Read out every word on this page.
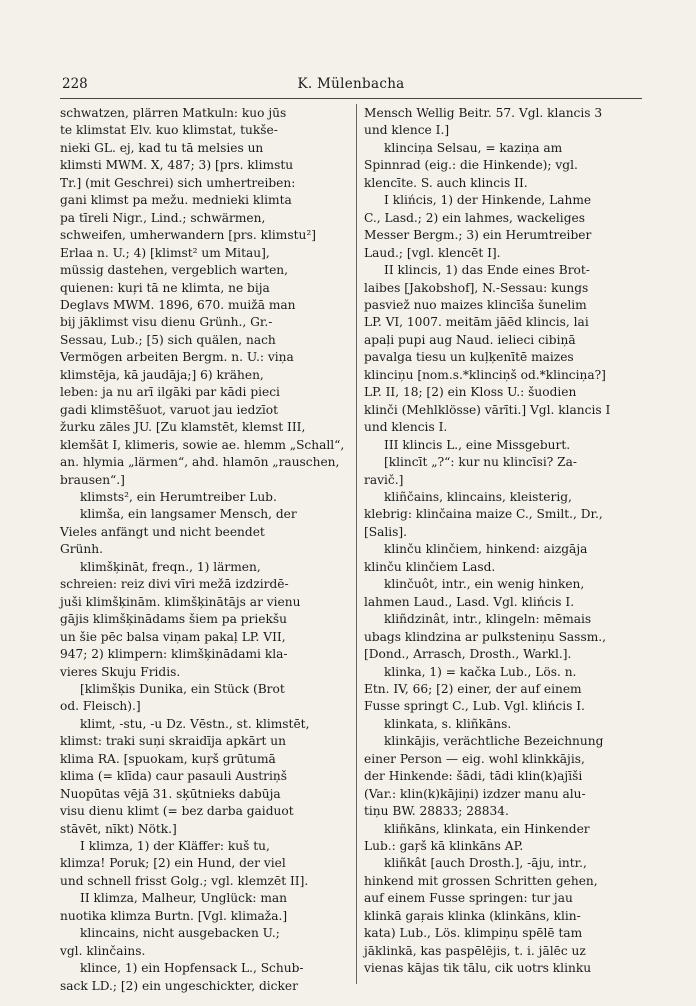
228	K. Mülenbacha

schwatzen, plärren Matkuln: kuo jūs
te klimstat Elv. kuo klimstat, tukše-
nieki GL. ej, kad tu tā melsies un
klimsti MWM. X, 487; 3) [prs. klimstu
Tr.] (mit Geschrei) sich umhertreiben:
gani klimst pa mežu. mednieki klimta
pa tīreli Nigr., Lind.; schwärmen,
schweifen, umherwandern [prs. klimstu²]
Erlaa n. U.; 4) [klimst² um Mitau],
müssig dastehen, vergeblich warten,
quienen: kuŗi tā ne klimta, ne bija
Deglavs MWM. 1896, 670. muižā man
bij jāklimst visu dienu Grünh., Gr.-
Sessau, Lub.; [5) sich quälen, nach
Vermögen arbeiten Bergm. n. U.: viņa
klimstēja, kā jaudāja;] 6) krähen,
leben: ja nu arī ilgāki par kādi pieci
gadi klimstēšuot, varuot jau iedzīot
žurku zāles JU. [Zu klamstēt, klemst III,
klemšāt I, klimeris, sowie ae. hlemm „Schall“,
an. hlymia „lärmen“, ahd. hlamōn „rauschen,
brausen“.]

klimsts², ein Herumtreiber Lub.

klimša, ein langsamer Mensch, der
Vieles anfängt und nicht beendet
Grünh.

klimšķināt, freqn., 1) lärmen,
schreien: reiz divi vīri mežā izdzirdē-
juši klimšķinām. klimšķinātājs ar vienu
gājis klimšķinādams šiem pa priekšu
un šie pēc balsa viņam pakaļ LP. VII,
947; 2) klimpern: klimšķinādami kla-
vieres Skuju Fridis.

[klimšķis Dunika, ein Stück (Brot
od. Fleisch).]

klimt, -stu, -u Dz. Vēstn., st. klimstēt,
klimst: traki suņi skraidīja apkārt un
klima RA. [spuokam, kuŗš grūtumā
klima (= klīda) caur pasauli Austriņš
Nuopūtas vējā 31. sķūtnieks dabūja
visu dienu klimt (= bez darba gaiduot
stāvēt, nīkt) Nötk.]

I klimza, 1) der Kläffer: kuš tu,
klimza! Poruk; [2) ein Hund, der viel
und schnell frisst Golg.; vgl. klemzēt II].

II klimza, Malheur, Unglück: man
nuotika klimza Burtn. [Vgl. klimaža.]

klincains, nicht ausgebacken U.;
vgl. klinčains.

klince, 1) ein Hopfensack L., Schub-
sack LD.; [2) ein ungeschickter, dicker

Mensch Wellig Beitr. 57. Vgl. klancis 3
und klence I.]

klinciņa Selsau, = kaziņa am
Spinnrad (eig.: die Hinkende); vgl.
klencīte. S. auch klincis II.

I klińcis, 1) der Hinkende, Lahme
C., Lasd.; 2) ein lahmes, wackeliges
Messer Bergm.; 3) ein Herumtreiber
Laud.; [vgl. klencēt I].

II klincis, 1) das Ende eines Brot-
laibes [Jakobshof], N.-Sessau: kungs
pasviež nuo maizes klincīša šunelim
LP. VI, 1007. meitām jāēd klincis, lai
apaļi pupi aug Naud. ielieci cibiņā
pavalga tiesu un kuļķenītē maizes
klinciņu [nom.s.*klinciņš od.*klinciņa?]
LP. II, 18; [2) ein Kloss U.: šuodien
klinči (Mehlklösse) vārīti.] Vgl. klancis I
und klencis I.

III klincis L., eine Missgeburt.

[klincīt „?“: kur nu klincīsi? Za-
ravič.]

kliñčains, klincains, kleisterig,
klebrig: klinčaina maize C., Smilt., Dr.,
[Salis].

klinču klinčiem, hinkend: aizgāja
klinču klinčiem Lasd.

klinčuôt, intr., ein wenig hinken,
lahmen Laud., Lasd. Vgl. klińcis I.

kliñdzinât, intr., klingeln: mēmais
ubags klindzina ar pulksteniņu Sassm.,
[Dond., Arrasch, Drosth., Warkl.].

klinka, 1) = kačka Lub., Lös. n.
Etn. IV, 66; [2) einer, der auf einem
Fusse springt C., Lub. Vgl. klińcis I.

klinkata, s. kliñkāns.

klinkājis, verächtliche Bezeichnung
einer Person — eig. wohl klinkkājis,
der Hinkende: šādi, tādi klin(k)ajīši
(Var.: klin(k)kājiņi) izdzer manu alu-
tiņu BW. 28833; 28834.

kliñkāns, klinkata, ein Hinkender
Lub.: gaŗš kā klinkāns AP.

kliñkât [auch Drosth.], -āju, intr.,
hinkend mit grossen Schritten gehen,
auf einem Fusse springen: tur jau
klinkā gaŗais klinka (klinkāns, klin-
kata) Lub., Lös. klimpiņu spēlē tam
jāklinkā, kas paspēlējis, t. i. jālēc uz
vienas kājas tik tālu, cik uotrs klinku
